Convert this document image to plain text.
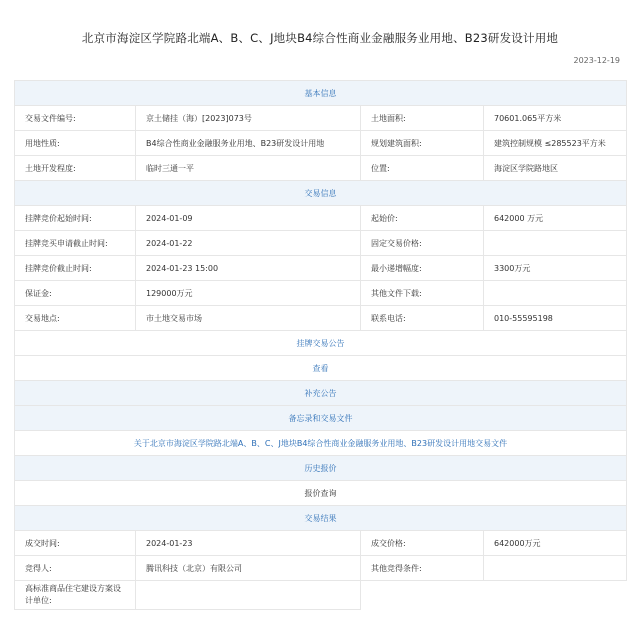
北京市海淀区学院路北端A、B、C、J地块B4综合性商业金融服务业用地、B23研发设计用地
2023-12-19
基本信息			
交易文件编号:	京土储挂（海）[2023]073号	土地面积:	70601.065平方米
用地性质:	B4综合性商业金融服务业用地、B23研发设计用地	规划建筑面积:	建筑控制规模 ≤285523平方米
土地开发程度:	临时三通一平	位置:	海淀区学院路地区
交易信息			
挂牌竞价起始时间:	2024-01-09	起始价:	642000 万元
挂牌竞买申请截止时间:	2024-01-22	固定交易价格:	
挂牌竞价截止时间:	2024-01-23 15:00	最小递增幅度:	3300万元
保证金:	129000万元	其他文件下载:	
交易地点:	市土地交易市场	联系电话:	010-55595198
挂牌交易公告			
查看			
补充公告			
备忘录和交易文件			
关于北京市海淀区学院路北端A、B、C、J地块B4综合性商业金融服务业用地、B23研发设计用地交易文件			
历史报价			
报价查询			
交易结果			
成交时间:	2024-01-23	成交价格:	642000万元
竞得人:	腾讯科技（北京）有限公司	其他竞得条件:	
高标准商品住宅建设方案设计单位:			
